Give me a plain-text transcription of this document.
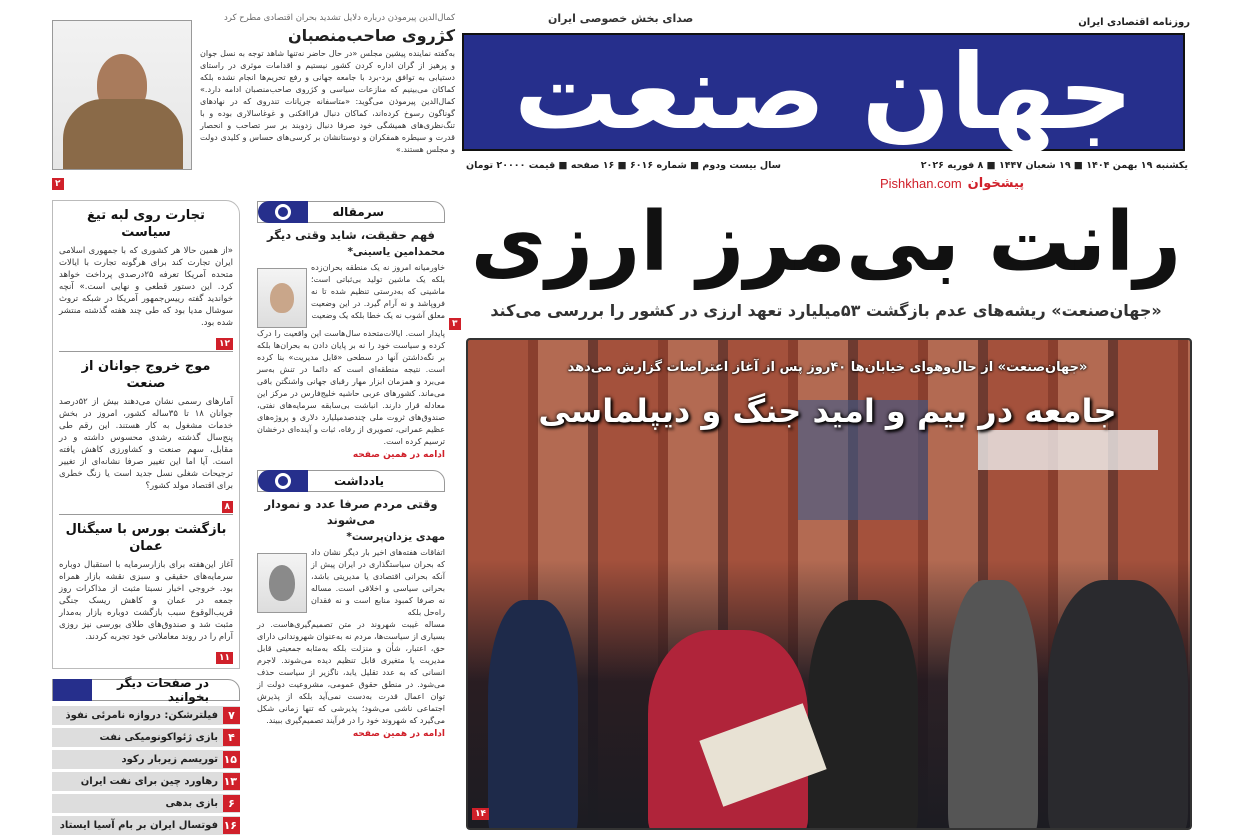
روزنامه اقتصادی ایران
صدای بخش خصوصی ایران
جهان صنعت
یکشنبه ۱۹ بهمن ۱۴۰۴ ■ ۱۹ شعبان ۱۴۴۷ ■ ۸ فوریه ۲۰۲۶
سال بیست ودوم ■ شماره ۶۰۱۶ ■ ۱۶ صفحه ■ قیمت ۲۰۰۰۰ تومان
پیشخوان
Pishkhan.com
کمال‌الدین پیرموذن درباره دلایل تشدید بحران اقتصادی مطرح کرد
کژروی صاحب‌منصبان
به‌گفته نماینده پیشین مجلس «در حال حاضر نه‌تنها شاهد توجه به نسل جوان و پرهیز از گران اداره کردن کشور نیستیم و اقدامات موثری در راستای دستیابی به توافق برد-برد با جامعه جهانی و رفع تحریم‌ها انجام نشده بلکه کماکان می‌بینیم که منازعات سیاسی و کژروی صاحب‌منصبان ادامه دارد.» کمال‌الدین پیرموذن می‌گوید: «متاسفانه جریانات تندروی که در نهادهای گوناگون رسوخ کرده‌اند، کماکان دنبال فراافکنی و غوغاسالاری بوده و با تنگ‌نظری‌های همیشگی خود صرفا دنبال زدوبند بر سر تصاحب و انحصار قدرت و سیطره همفکران و دوستانشان بر کرسی‌های حساس و کلیدی دولت و مجلس هستند.»
۲
رانت بی‌مرز ارزی
«جهان‌صنعت» ریشه‌های عدم بازگشت ۵۳میلیارد تعهد ارزی در کشور را بررسی می‌کند
۳
«جهان‌صنعت» از حال‌وهوای خیابان‌ها ۴۰روز پس از آغاز اعتراضات گزارش می‌دهد
جامعه در بیم و امید جنگ و دیپلماسی
۱۴
تجارت روی لبه تیغ سیاست
«از همین حالا هر کشوری که با جمهوری اسلامی ایران تجارت کند برای هرگونه تجارت با ایالات متحده آمریکا تعرفه ۲۵درصدی پرداخت خواهد کرد. این دستور قطعی و نهایی است.» آنچه خواندید گفته رییس‌جمهور آمریکا در شبکه تروث سوشال مدیا بود که طی چند هفته گذشته منتشر شده بود.
۱۲
موج خروج جوانان از صنعت
آمارهای رسمی نشان می‌دهند بیش از ۵۲درصد جوانان ۱۸ تا ۳۵ساله کشور، امروز در بخش خدمات مشغول به کار هستند. این رقم طی پنج‌سال گذشته رشدی محسوس داشته و در مقابل، سهم صنعت و کشاورزی کاهش یافته است. آیا اما این تغییر صرفا نشانه‌ای از تغییر ترجیحات شغلی نسل جدید است یا زنگ خطری برای اقتصاد مولد کشور؟
۸
بازگشت بورس با سیگنال عمان
آغاز این‌هفته برای بازارسرمایه با استقبال دوباره سرمایه‌های حقیقی و سبزی نقشه بازار همراه بود. خروجی اخبار نسبتا مثبت از مذاکرات روز جمعه در عمان و کاهش ریسک جنگی قریب‌الوقوع سبب بازگشت دوباره بازار به‌مدار مثبت شد و صندوق‌های طلای بورسی نیز روزی آرام را در روند معاملاتی خود تجربه کردند.
۱۱
در صفحات دیگر بخوانید
۷
فیلترشکن: دروازه نامرئی نفوذ
۴
بازی ژئواکونومیکی نفت
۱۵
توریسم زیربار رکود
۱۳
رهاورد چین برای نفت ایران
۶
بازی بدهی
۱۶
فوتسال ایران بر بام آسیا ایستاد
سرمقاله
فهم حقیقت، شاید وقتی دیگر
محمدامین یاسینی*
خاورمیانه امروز نه یک منطقه بحران‌زده بلکه یک ماشین تولید بی‌ثباتی است؛ ماشینی که به‌درستی تنظیم شده تا نه فروپاشد و نه آرام گیرد. در این وضعیت معلق آشوب نه یک خطا بلکه یک وضعیت
پایدار است. ایالات‌متحده سال‌هاست این واقعیت را درک کرده و سیاست خود را نه بر پایان دادن به بحران‌ها بلکه بر نگه‌داشتن آنها در سطحی «قابل مدیریت» بنا کرده است. نتیجه منطقه‌ای است که دائما در تنش به‌سر می‌برد و همزمان ابزار مهار رقبای جهانی واشنگتن باقی می‌ماند. کشورهای عربی حاشیه خلیج‌فارس در مرکز این معادله قرار دارند. انباشت بی‌سابقه سرمایه‌های نفتی، صندوق‌های ثروت ملی چندصدمیلیارد دلاری و پروژه‌های عظیم عمرانی، تصویری از رفاه، ثبات و آینده‌ای درخشان ترسیم کرده است.
ادامه در همین صفحه
یادداشت
وقتی مردم صرفا عدد و نمودار می‌شوند
مهدی یزدان‌پرست*
اتفاقات هفته‌های اخیر بار دیگر نشان داد که بحران سیاستگذاری در ایران پیش از آنکه بحرانی اقتصادی یا مدیریتی باشد، بحرانی سیاسی و اخلاقی است. مساله نه صرفا کمبود منابع است و نه فقدان راه‌حل بلکه
مساله غیبت شهروند در متن تصمیم‌گیری‌هاست. در بسیاری از سیاست‌ها، مردم نه به‌عنوان شهروندانی دارای حق، اعتبار، شأن و منزلت بلکه به‌مثابه جمعیتی قابل مدیریت یا متغیری قابل تنظیم دیده می‌شوند. لاجرم انسانی که به عدد تقلیل یابد، ناگزیر از سیاست حذف می‌شود. در منطق حقوق عمومی، مشروعیت دولت از توان اعمال قدرت به‌دست نمی‌آید بلکه از پذیرش اجتماعی ناشی می‌شود؛ پذیرشی که تنها زمانی شکل می‌گیرد که شهروند خود را در فرآیند تصمیم‌گیری ببیند.
ادامه در همین صفحه
